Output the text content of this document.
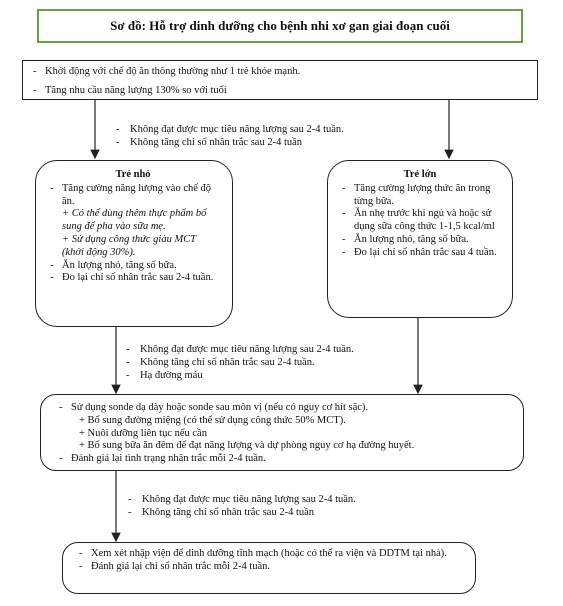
Sơ đồ: Hỗ trợ dinh dưỡng cho bệnh nhi xơ gan giai đoạn cuối
- Khởi động với chế độ ăn thông thường như 1 trẻ khỏe mạnh.
- Tăng nhu cầu năng lượng 130% so với tuổi
- Không đạt được mục tiêu năng lượng sau 2-4 tuần.
- Không tăng chỉ số nhân trắc sau 2-4 tuần
Trẻ nhỏ
- Tăng cường năng lượng vào chế độ ăn.
+ Có thể dùng thêm thực phẩm bổ sung để pha vào sữa mẹ.
+ Sử dụng công thức giàu MCT (khởi động 30%).
- Ăn lượng nhỏ, tăng số bữa.
- Đo lại chỉ số nhân trắc sau 2-4 tuần.
Trẻ lớn
- Tăng cường lượng thức ăn trong từng bữa.
- Ăn nhẹ trước khi ngủ và hoặc sử dụng sữa công thức 1-1,5 kcal/ml
- Ăn lượng nhỏ, tăng số bữa.
- Đo lại chỉ số nhân trắc sau 4 tuần.
- Không đạt được mục tiêu năng lượng sau 2-4 tuần.
- Không tăng chỉ số nhân trắc sau 2-4 tuần.
- Hạ đường máu
- Sử dụng sonde dạ dày hoặc sonde sau môn vị (nếu có nguy cơ hít sặc).
+ Bổ sung đường miệng (có thể sử dụng công thức 50% MCT).
+ Nuôi dưỡng liên tục nếu cần
+ Bổ sung bữa ăn đêm để đạt năng lượng và dự phòng nguy cơ hạ đường huyết.
- Đánh giá lại tình trạng nhân trắc mỗi 2-4 tuần.
- Không đạt được mục tiêu năng lượng sau 2-4 tuần.
- Không tăng chỉ số nhân trắc sau 2-4 tuần
- Xem xét nhập viện để dinh dưỡng tĩnh mạch (hoặc có thể ra viện và DDTM tại nhà).
- Đánh giá lại chỉ số nhân trắc mỗi 2-4 tuần.
